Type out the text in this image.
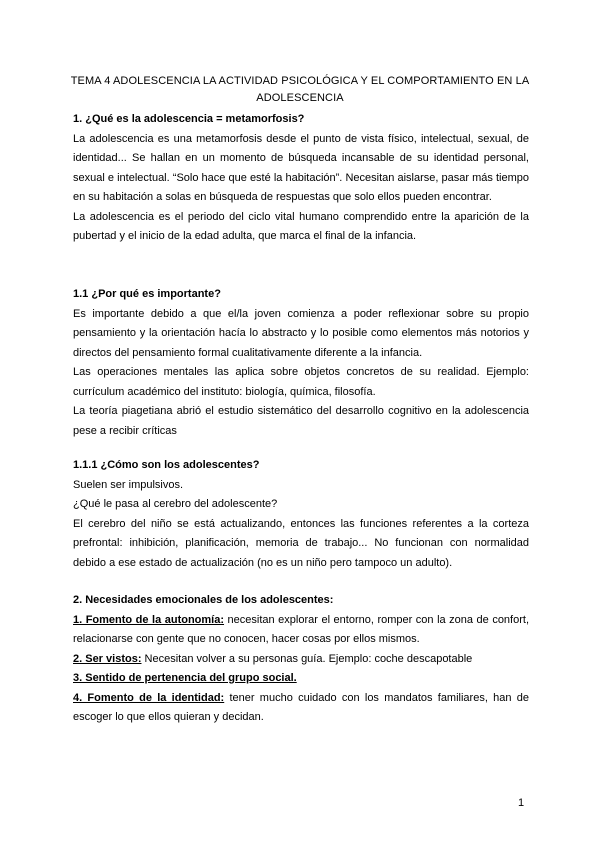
TEMA 4 ADOLESCENCIA LA ACTIVIDAD PSICOLÓGICA Y EL COMPORTAMIENTO EN LA ADOLESCENCIA

1. ¿Qué es la adolescencia = metamorfosis?

La adolescencia es una metamorfosis desde el punto de vista físico, intelectual, sexual, de identidad... Se hallan en un momento de búsqueda incansable de su identidad personal, sexual e intelectual. “Solo hace que esté la habitación”. Necesitan aislarse, pasar más tiempo en su habitación a solas en búsqueda de respuestas que solo ellos pueden encontrar.

La adolescencia es el periodo del ciclo vital humano comprendido entre la aparición de la pubertad y el inicio de la edad adulta, que marca el final de la infancia.

1.1 ¿Por qué es importante?

Es importante debido a que el/la joven comienza a poder reflexionar sobre su propio pensamiento y la orientación hacía lo abstracto y lo posible como elementos más notorios y directos del pensamiento formal cualitativamente diferente a la infancia.

Las operaciones mentales las aplica sobre objetos concretos de su realidad. Ejemplo: currículum académico del instituto: biología, química, filosofía.

La teoría piagetiana abrió el estudio sistemático del desarrollo cognitivo en la adolescencia pese a recibir críticas

1.1.1 ¿Cómo son los adolescentes?

Suelen ser impulsivos.

¿Qué le pasa al cerebro del adolescente?

El cerebro del niño se está actualizando, entonces las funciones referentes a la corteza prefrontal: inhibición, planificación, memoria de trabajo... No funcionan con normalidad debido a ese estado de actualización (no es un niño pero tampoco un adulto).

2. Necesidades emocionales de los adolescentes:

1. Fomento de la autonomía: necesitan explorar el entorno, romper con la zona de confort, relacionarse con gente que no conocen, hacer cosas por ellos mismos.

2. Ser vistos: Necesitan volver a su personas guía. Ejemplo: coche descapotable

3. Sentido de pertenencia del grupo social.

4. Fomento de la identidad: tener mucho cuidado con los mandatos familiares, han de escoger lo que ellos quieran y decidan.

1
